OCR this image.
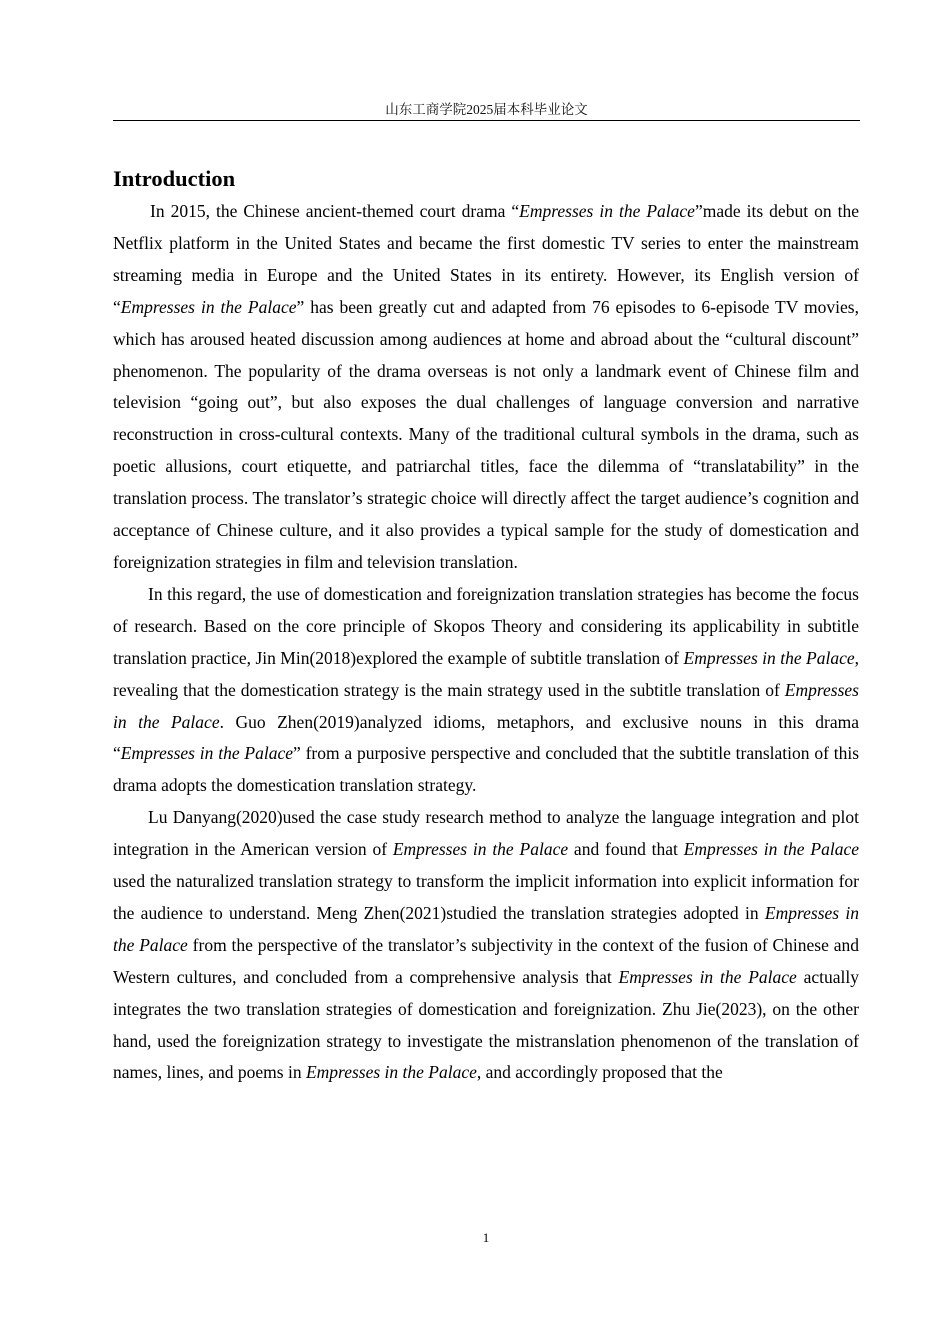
山东工商学院2025届本科毕业论文
Introduction

In 2015, the Chinese ancient-themed court drama “Empresses in the Palace”made its debut on the Netflix platform in the United States and became the first domestic TV series to enter the mainstream streaming media in Europe and the United States in its entirety. However, its English version of “Empresses in the Palace” has been greatly cut and adapted from 76 episodes to 6-episode TV movies, which has aroused heated discussion among audiences at home and abroad about the “cultural discount” phenomenon. The popularity of the drama overseas is not only a landmark event of Chinese film and television “going out”, but also exposes the dual challenges of language conversion and narrative reconstruction in cross-cultural contexts. Many of the traditional cultural symbols in the drama, such as poetic allusions, court etiquette, and patriarchal titles, face the dilemma of “translatability” in the translation process. The translator’s strategic choice will directly affect the target audience’s cognition and acceptance of Chinese culture, and it also provides a typical sample for the study of domestication and foreignization strategies in film and television translation.

In this regard, the use of domestication and foreignization translation strategies has become the focus of research. Based on the core principle of Skopos Theory and considering its applicability in subtitle translation practice, Jin Min(2018)explored the example of subtitle translation of Empresses in the Palace, revealing that the domestication strategy is the main strategy used in the subtitle translation of Empresses in the Palace. Guo Zhen(2019)analyzed idioms, metaphors, and exclusive nouns in this drama “Empresses in the Palace” from a purposive perspective and concluded that the subtitle translation of this drama adopts the domestication translation strategy.

Lu Danyang(2020)used the case study research method to analyze the language integration and plot integration in the American version of Empresses in the Palace and found that Empresses in the Palace used the naturalized translation strategy to transform the implicit information into explicit information for the audience to understand. Meng Zhen(2021)studied the translation strategies adopted in Empresses in the Palace from the perspective of the translator’s subjectivity in the context of the fusion of Chinese and Western cultures, and concluded from a comprehensive analysis that Empresses in the Palace actually integrates the two translation strategies of domestication and foreignization. Zhu Jie(2023), on the other hand, used the foreignization strategy to investigate the mistranslation phenomenon of the translation of names, lines, and poems in Empresses in the Palace, and accordingly proposed that the

1
